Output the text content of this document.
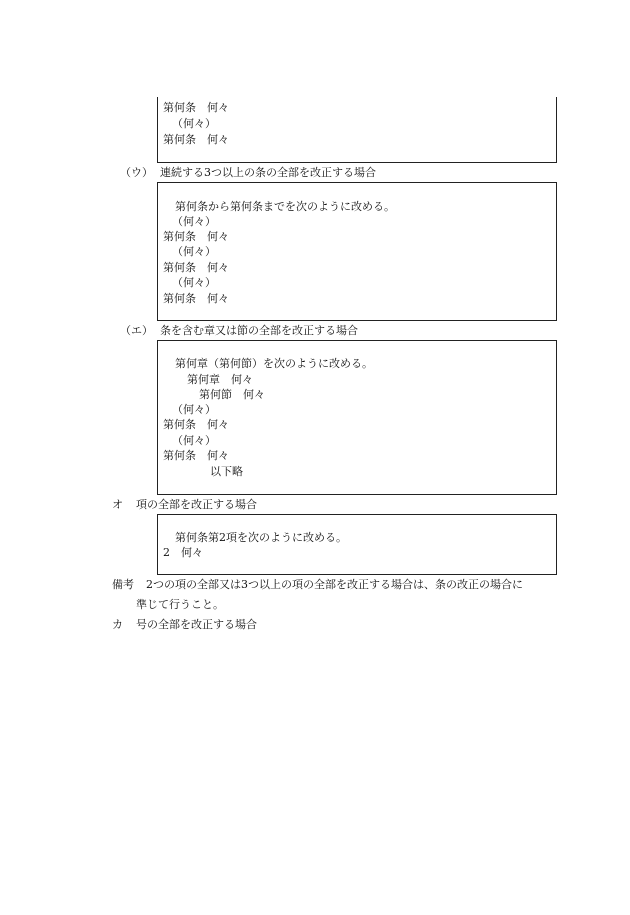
第何条　何々
（何々）
第何条　何々
（ウ） 連続する3つ以上の条の全部を改正する場合
第何条から第何条までを次のように改める。
（何々）
第何条　何々
（何々）
第何条　何々
（何々）
第何条　何々
（エ） 条を含む章又は節の全部を改正する場合
第何章（第何節）を次のように改める。
第何章　何々
第何節　何々
（何々）
第何条　何々
（何々）
第何条　何々
以下略
オ 項の全部を改正する場合
第何条第2項を次のように改める。
2　何々
備考 2つの項の全部又は3つ以上の項の全部を改正する場合は、条の改正の場合に
準じて行うこと。
カ 号の全部を改正する場合
